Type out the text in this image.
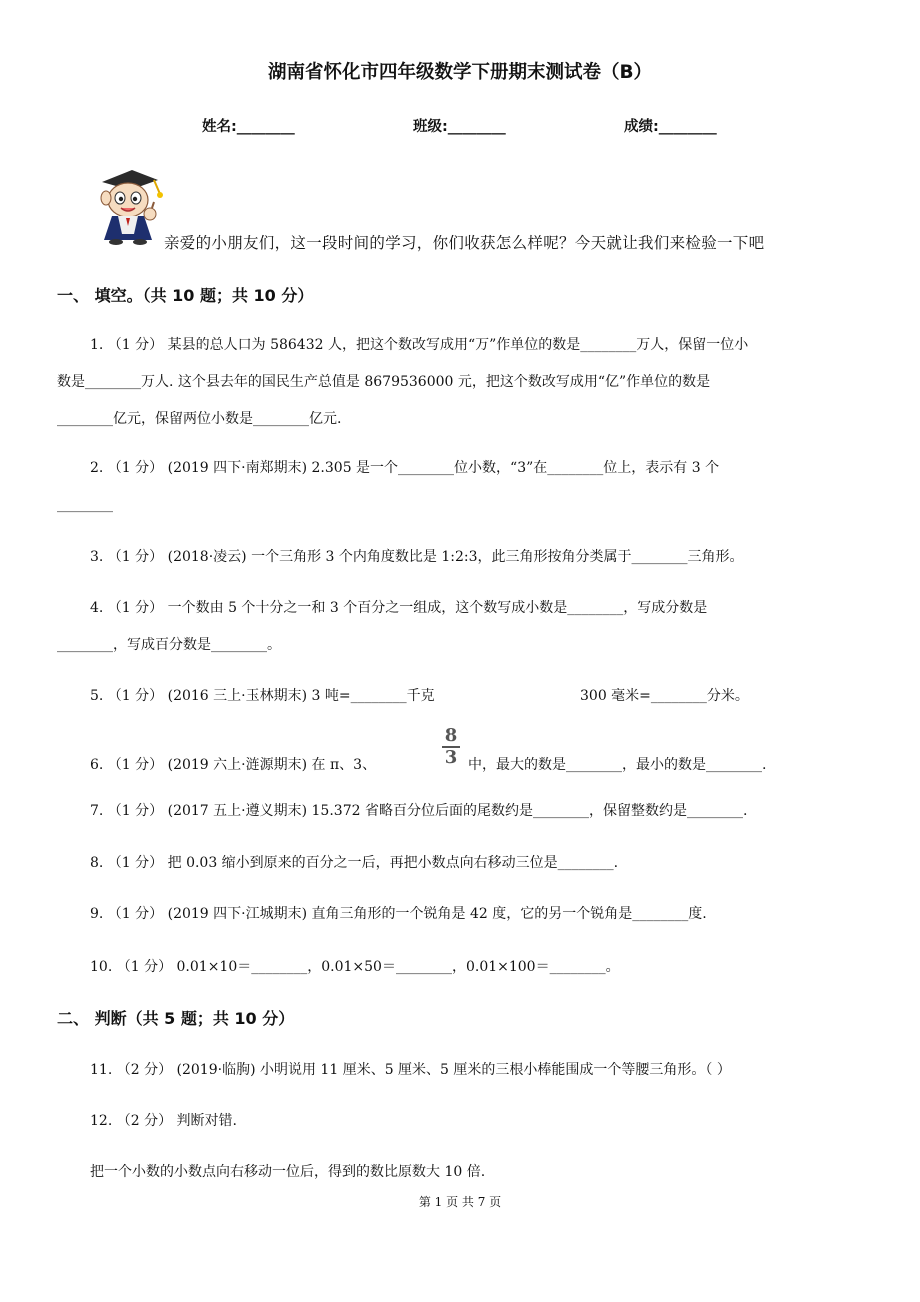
湖南省怀化市四年级数学下册期末测试卷（B）
姓名:________	班级:________	成绩:________
亲爱的小朋友们，这一段时间的学习，你们收获怎么样呢？今天就让我们来检验一下吧
一、 填空。（共 10 题；共 10 分）
1. （1 分） 某县的总人口为 586432 人，把这个数改写成用“万”作单位的数是________万人，保留一位小
数是________万人. 这个县去年的国民生产总值是 8679536000 元，把这个数改写成用“亿”作单位的数是
________亿元，保留两位小数是________亿元.
2. （1 分） (2019 四下·南郑期末) 2.305 是一个________位小数，“3”在________位上，表示有 3 个
________
3. （1 分） (2018·凌云) 一个三角形 3 个内角度数比是 1:2:3，此三角形按角分类属于________三角形。
4. （1 分） 一个数由 5 个十分之一和 3 个百分之一组成，这个数写成小数是________，写成分数是
________，写成百分数是________。
5. （1 分） (2016 三上·玉林期末) 3 吨=________千克	300 毫米=________分米。
6. （1 分） (2019 六上·涟源期末) 在 π、3、
8
3 中，最大的数是________，最小的数是________.
7. （1 分） (2017 五上·遵义期末) 15.372 省略百分位后面的尾数约是________，保留整数约是________.
8. （1 分） 把 0.03 缩小到原来的百分之一后，再把小数点向右移动三位是________.
9. （1 分） (2019 四下·江城期末) 直角三角形的一个锐角是 42 度，它的另一个锐角是________度.
10. （1 分） 0.01×10＝________，0.01×50＝________，0.01×100＝________。
二、 判断（共 5 题；共 10 分）
11. （2 分） (2019·临朐) 小明说用 11 厘米、5 厘米、5 厘米的三根小棒能围成一个等腰三角形。（ ）
12. （2 分） 判断对错.
把一个小数的小数点向右移动一位后，得到的数比原数大 10 倍.
第 1 页 共 7 页
